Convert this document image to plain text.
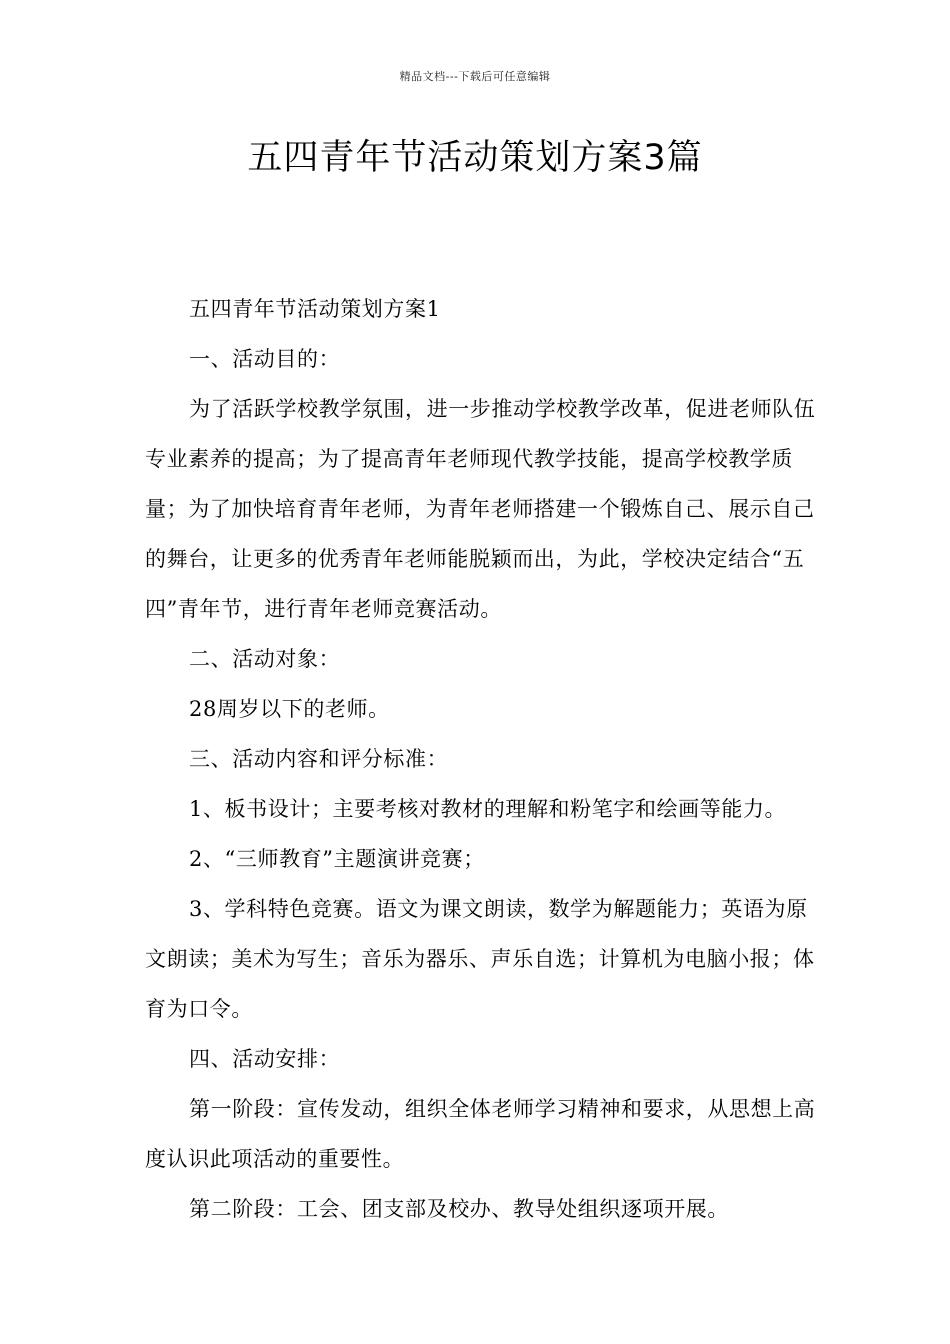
精品文档---下载后可任意编辑
五四青年节活动策划方案3篇

五四青年节活动策划方案1

一、活动目的：

为了活跃学校教学氛围，进一步推动学校教学改革，促进老师队伍专业素养的提高；为了提高青年老师现代教学技能，提高学校教学质量；为了加快培育青年老师，为青年老师搭建一个锻炼自己、展示自己的舞台，让更多的优秀青年老师能脱颖而出，为此，学校决定结合“五四”青年节，进行青年老师竞赛活动。

二、活动对象：

28周岁以下的老师。

三、活动内容和评分标准：

1、板书设计；主要考核对教材的理解和粉笔字和绘画等能力。

2、“三师教育”主题演讲竞赛；

3、学科特色竞赛。语文为课文朗读，数学为解题能力；英语为原文朗读；美术为写生；音乐为器乐、声乐自选；计算机为电脑小报；体育为口令。

四、活动安排：

第一阶段：宣传发动，组织全体老师学习精神和要求，从思想上高度认识此项活动的重要性。

第二阶段：工会、团支部及校办、教导处组织逐项开展。
